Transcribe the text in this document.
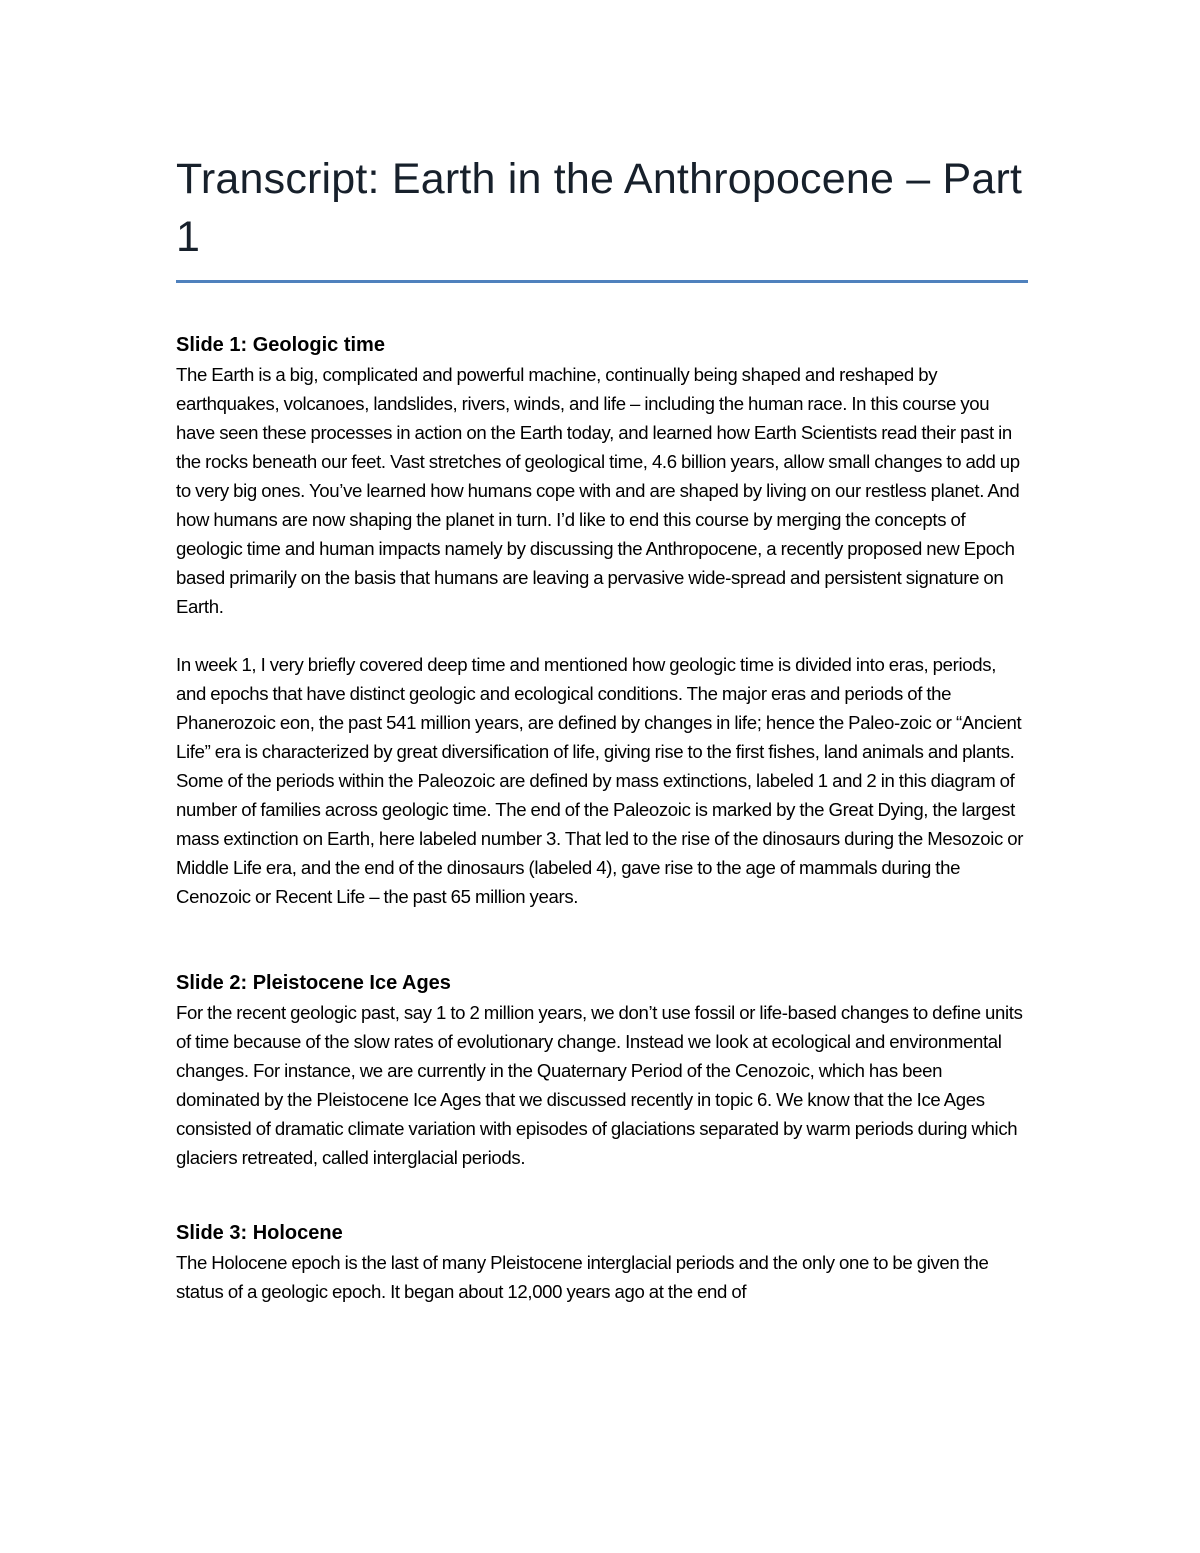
Transcript: Earth in the Anthropocene – Part 1
Slide 1: Geologic time

The Earth is a big, complicated and powerful machine, continually being shaped and reshaped by earthquakes, volcanoes, landslides, rivers, winds, and life – including the human race. In this course you have seen these processes in action on the Earth today, and learned how Earth Scientists read their past in the rocks beneath our feet. Vast stretches of geological time, 4.6 billion years, allow small changes to add up to very big ones. You’ve learned how humans cope with and are shaped by living on our restless planet. And how humans are now shaping the planet in turn. I’d like to end this course by merging the concepts of geologic time and human impacts namely by discussing the Anthropocene, a recently proposed new Epoch based primarily on the basis that humans are leaving a pervasive wide-spread and persistent signature on Earth.

In week 1, I very briefly covered deep time and mentioned how geologic time is divided into eras, periods, and epochs that have distinct geologic and ecological conditions. The major eras and periods of the Phanerozoic eon, the past 541 million years, are defined by changes in life; hence the Paleo-zoic or “Ancient Life” era is characterized by great diversification of life, giving rise to the first fishes, land animals and plants. Some of the periods within the Paleozoic are defined by mass extinctions, labeled 1 and 2 in this diagram of number of families across geologic time. The end of the Paleozoic is marked by the Great Dying, the largest mass extinction on Earth, here labeled number 3. That led to the rise of the dinosaurs during the Mesozoic or Middle Life era, and the end of the dinosaurs (labeled 4), gave rise to the age of mammals during the Cenozoic or Recent Life – the past 65 million years.

Slide 2: Pleistocene Ice Ages

For the recent geologic past, say 1 to 2 million years, we don’t use fossil or life-based changes to define units of time because of the slow rates of evolutionary change. Instead we look at ecological and environmental changes. For instance, we are currently in the Quaternary Period of the Cenozoic, which has been dominated by the Pleistocene Ice Ages that we discussed recently in topic 6. We know that the Ice Ages consisted of dramatic climate variation with episodes of glaciations separated by warm periods during which glaciers retreated, called interglacial periods.

Slide 3: Holocene

The Holocene epoch is the last of many Pleistocene interglacial periods and the only one to be given the status of a geologic epoch. It began about 12,000 years ago at the end of
